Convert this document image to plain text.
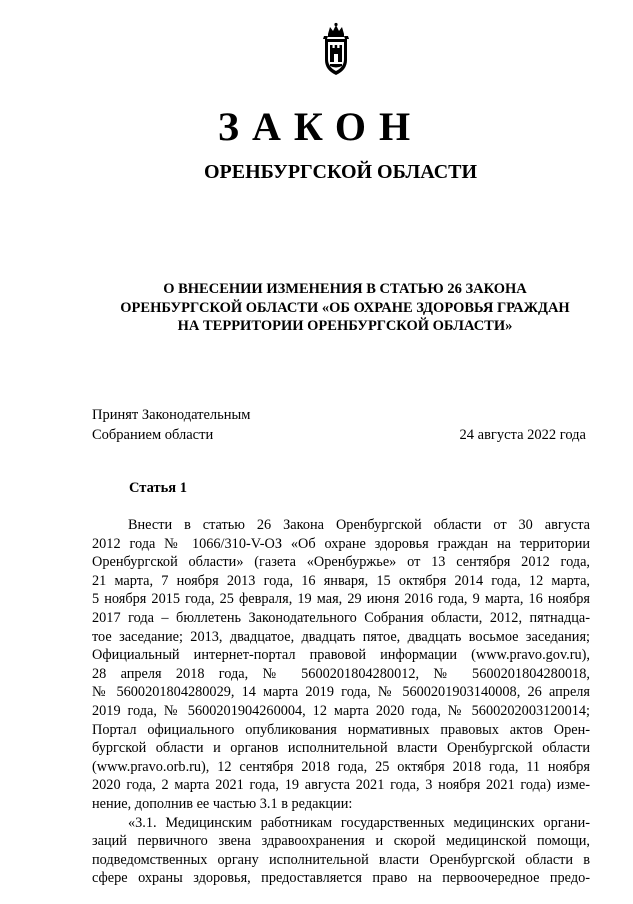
ЗАКОН
ОРЕНБУРГСКОЙ ОБЛАСТИ
О ВНЕСЕНИИ ИЗМЕНЕНИЯ В СТАТЬЮ 26 ЗАКОНА
ОРЕНБУРГСКОЙ ОБЛАСТИ «ОБ ОХРАНЕ ЗДОРОВЬЯ ГРАЖДАН
НА ТЕРРИТОРИИ ОРЕНБУРГСКОЙ ОБЛАСТИ»
Принят Законодательным
Собранием области	24 августа 2022 года
Статья 1
Внести в статью 26 Закона Оренбургской области от 30 августа
2012 года № 1066/310-V-ОЗ «Об охране здоровья граждан на территории
Оренбургской области» (газета «Оренбуржье» от 13 сентября 2012 года,
21 марта, 7 ноября 2013 года, 16 января, 15 октября 2014 года, 12 марта,
5 ноября 2015 года, 25 февраля, 19 мая, 29 июня 2016 года, 9 марта, 16 ноября
2017 года – бюллетень Законодательного Собрания области, 2012, пятнадца-
тое заседание; 2013, двадцатое, двадцать пятое, двадцать восьмое заседания;
Официальный интернет-портал правовой информации (www.pravo.gov.ru),
28 апреля 2018 года, № 5600201804280012, № 5600201804280018,
№ 5600201804280029, 14 марта 2019 года, № 5600201903140008, 26 апреля
2019 года, № 5600201904260004, 12 марта 2020 года, № 5600202003120014;
Портал официального опубликования нормативных правовых актов Орен-
бургской области и органов исполнительной власти Оренбургской области
(www.pravo.orb.ru), 12 сентября 2018 года, 25 октября 2018 года, 11 ноября
2020 года, 2 марта 2021 года, 19 августа 2021 года, 3 ноября 2021 года) изме-
нение, дополнив ее частью 3.1 в редакции:
«3.1. Медицинским работникам государственных медицинских органи-
заций первичного звена здравоохранения и скорой медицинской помощи,
подведомственных органу исполнительной власти Оренбургской области в
сфере охраны здоровья, предоставляется право на первоочередное предо-
